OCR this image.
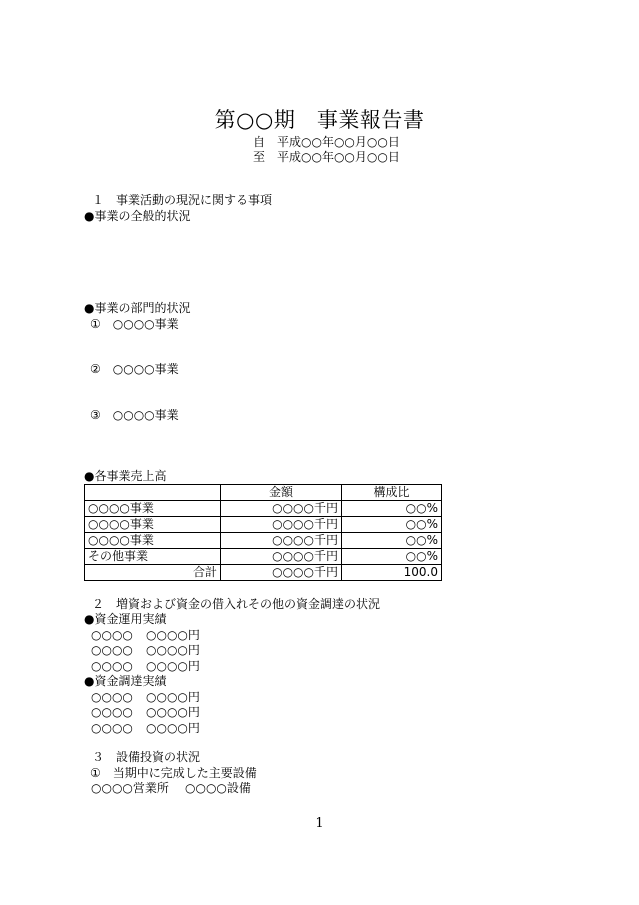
第○○期　事業報告書
自　平成○○年○○月○○日
至　平成○○年○○月○○日
１　事業活動の現況に関する事項
●事業の全般的状況
●事業の部門的状況
①　○○○○事業
②　○○○○事業
③　○○○○事業
●各事業売上高
	金額	構成比
○○○○事業	○○○○千円	○○%
○○○○事業	○○○○千円	○○%
○○○○事業	○○○○千円	○○%
その他事業	○○○○千円	○○%
合計	○○○○千円	100.0
２　増資および資金の借入れその他の資金調達の状況
●資金運用実績
○○○○ ○○○○円
○○○○ ○○○○円
○○○○ ○○○○円
●資金調達実績
○○○○ ○○○○円
○○○○ ○○○○円
○○○○ ○○○○円
３　設備投資の状況
①　当期中に完成した主要設備
○○○○営業所 ○○○○設備
1
